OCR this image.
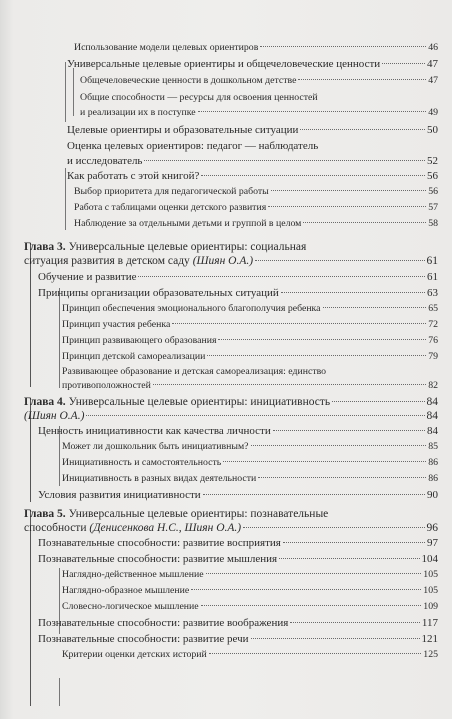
Использование модели целевых ориентиров	46
Универсальные целевые ориентиры и общечеловеческие ценности	47
Общечеловеческие ценности в дошкольном детстве	47
Общие способности — ресурсы для освоения ценностей
и реализации их в поступке	49
Целевые ориентиры и образовательные ситуации	50
Оценка целевых ориентиров: педагог — наблюдатель
и исследователь	52
Как работать с этой книгой?	56
Выбор приоритета для педагогической работы	56
Работа с таблицами оценки детского развития	57
Наблюдение за отдельными детьми и группой в целом	58
Глава 3. Универсальные целевые ориентиры: социальная
ситуация развития в детском саду (Шиян О.А.)	61
Обучение и развитие	61
Принципы организации образовательных ситуаций	63
Принцип обеспечения эмоционального благополучия ребенка	65
Принцип участия ребенка	72
Принцип развивающего образования	76
Принцип детской самореализации	79
Развивающее образование и детская самореализация: единство
противоположностей	82
Глава 4. Универсальные целевые ориентиры: инициативность	84
(Шиян О.А.)	84
Ценность инициативности как качества личности	84
Может ли дошкольник быть инициативным?	85
Инициативность и самостоятельность	86
Инициативность в разных видах деятельности	86
Условия развития инициативности	90
Глава 5. Универсальные целевые ориентиры: познавательные
способности (Денисенкова Н.С., Шиян О.А.)	96
Познавательные способности: развитие восприятия	97
Познавательные способности: развитие мышления	104
Наглядно-действенное мышление	105
Наглядно-образное мышление	105
Словесно-логическое мышление	109
Познавательные способности: развитие воображения	117
Познавательные способности: развитие речи	121
Критерии оценки детских историй	125
